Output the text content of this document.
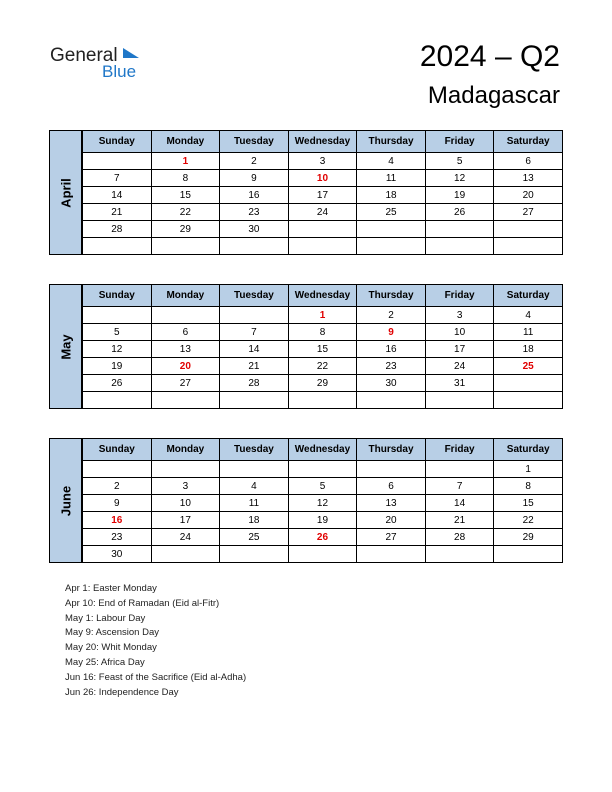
General
Blue	2024 – Q2
Madagascar
April
Sunday	Monday	Tuesday	Wednesday	Thursday	Friday	Saturday
	1	2	3	4	5	6
7	8	9	10	11	12	13
14	15	16	17	18	19	20
21	22	23	24	25	26	27
28	29	30				

May
Sunday	Monday	Tuesday	Wednesday	Thursday	Friday	Saturday
			1	2	3	4
5	6	7	8	9	10	11
12	13	14	15	16	17	18
19	20	21	22	23	24	25
26	27	28	29	30	31	

June
Sunday	Monday	Tuesday	Wednesday	Thursday	Friday	Saturday
						1
2	3	4	5	6	7	8
9	10	11	12	13	14	15
16	17	18	19	20	21	22
23	24	25	26	27	28	29
30						
Apr 1: Easter Monday
Apr 10: End of Ramadan (Eid al-Fitr)
May 1: Labour Day
May 9: Ascension Day
May 20: Whit Monday
May 25: Africa Day
Jun 16: Feast of the Sacrifice (Eid al-Adha)
Jun 26: Independence Day
